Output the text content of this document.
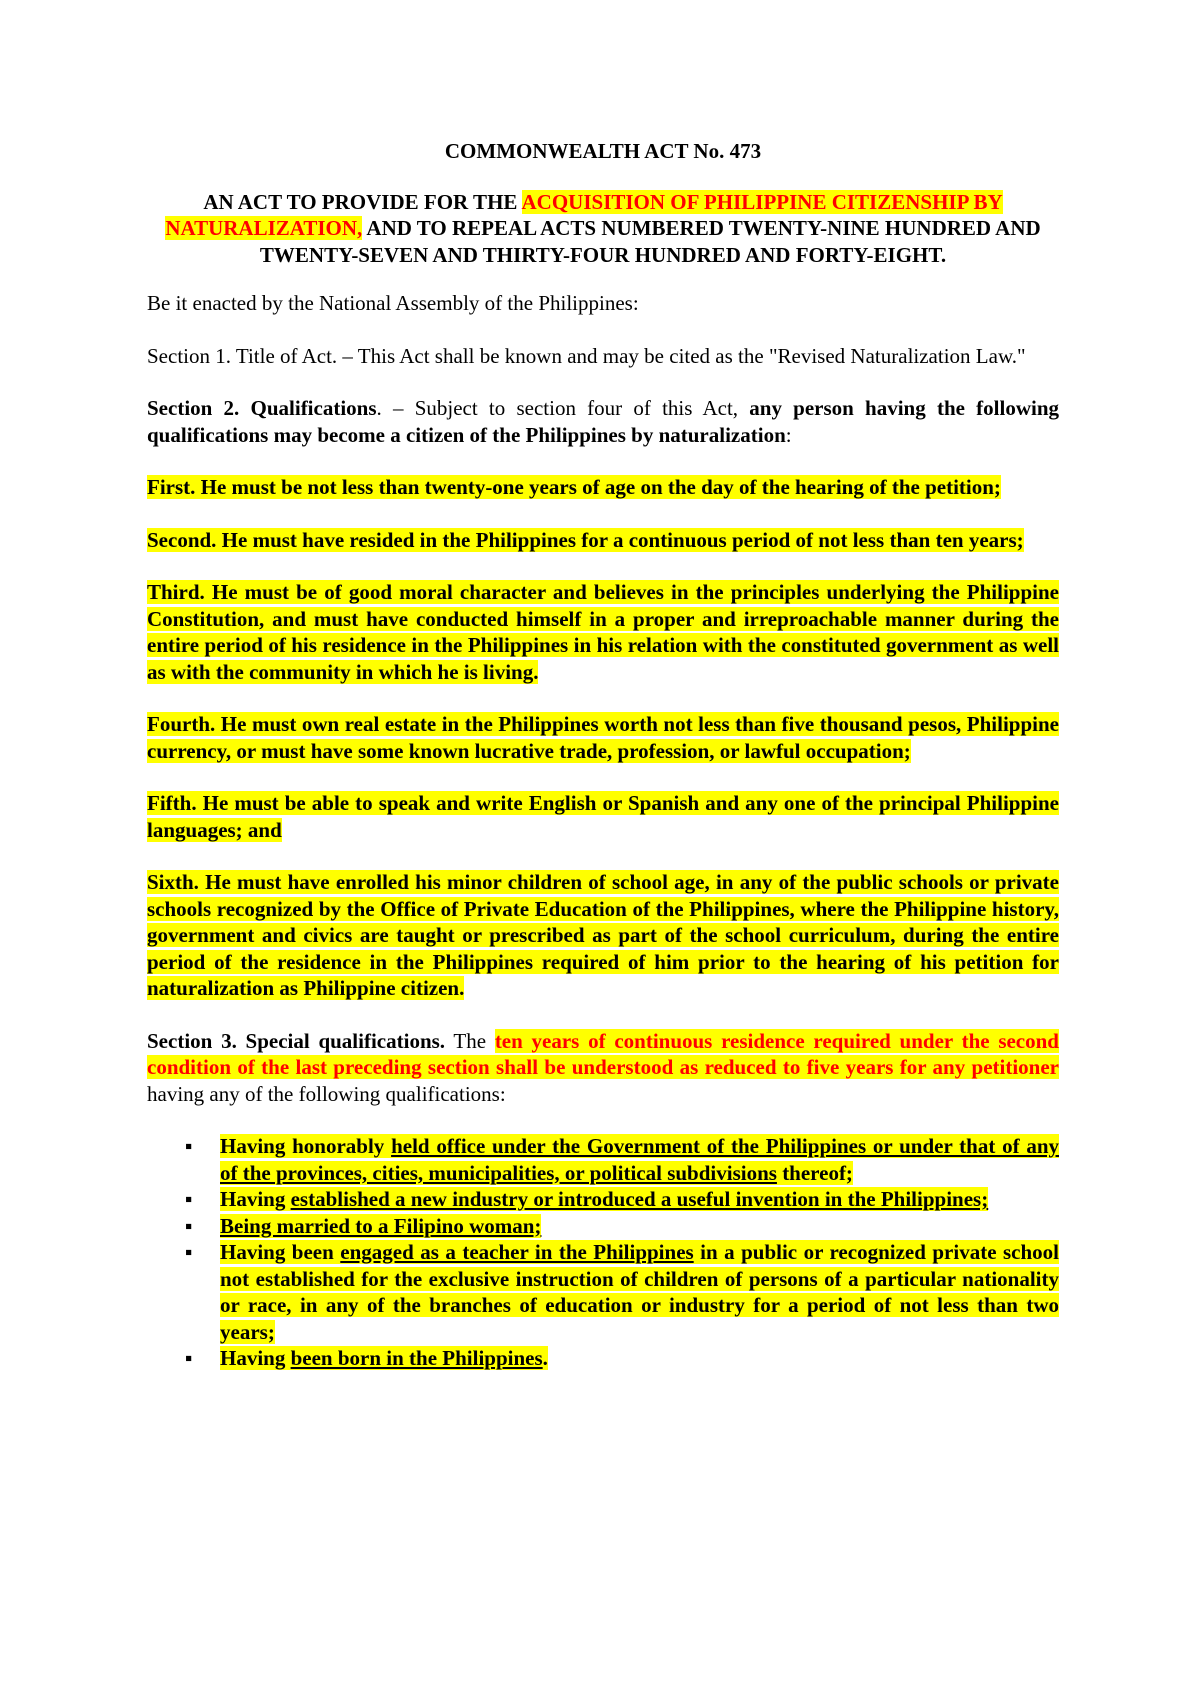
COMMONWEALTH ACT No. 473

AN ACT TO PROVIDE FOR THE ACQUISITION OF PHILIPPINE CITIZENSHIP BY NATURALIZATION, AND TO REPEAL ACTS NUMBERED TWENTY-NINE HUNDRED AND TWENTY-SEVEN AND THIRTY-FOUR HUNDRED AND FORTY-EIGHT.

Be it enacted by the National Assembly of the Philippines:

Section 1. Title of Act. – This Act shall be known and may be cited as the "Revised Naturalization Law."

Section 2. Qualifications. – Subject to section four of this Act, any person having the following qualifications may become a citizen of the Philippines by naturalization:

First. He must be not less than twenty-one years of age on the day of the hearing of the petition;

Second. He must have resided in the Philippines for a continuous period of not less than ten years;

Third. He must be of good moral character and believes in the principles underlying the Philippine Constitution, and must have conducted himself in a proper and irreproachable manner during the entire period of his residence in the Philippines in his relation with the constituted government as well as with the community in which he is living.

Fourth. He must own real estate in the Philippines worth not less than five thousand pesos, Philippine currency, or must have some known lucrative trade, profession, or lawful occupation;

Fifth. He must be able to speak and write English or Spanish and any one of the principal Philippine languages; and

Sixth. He must have enrolled his minor children of school age, in any of the public schools or private schools recognized by the Office of Private Education of the Philippines, where the Philippine history, government and civics are taught or prescribed as part of the school curriculum, during the entire period of the residence in the Philippines required of him prior to the hearing of his petition for naturalization as Philippine citizen.

Section 3. Special qualifications. The ten years of continuous residence required under the second condition of the last preceding section shall be understood as reduced to five years for any petitioner having any of the following qualifications:

▪ Having honorably held office under the Government of the Philippines or under that of any of the provinces, cities, municipalities, or political subdivisions thereof;
▪ Having established a new industry or introduced a useful invention in the Philippines;
▪ Being married to a Filipino woman;
▪ Having been engaged as a teacher in the Philippines in a public or recognized private school not established for the exclusive instruction of children of persons of a particular nationality or race, in any of the branches of education or industry for a period of not less than two years;
▪ Having been born in the Philippines.
